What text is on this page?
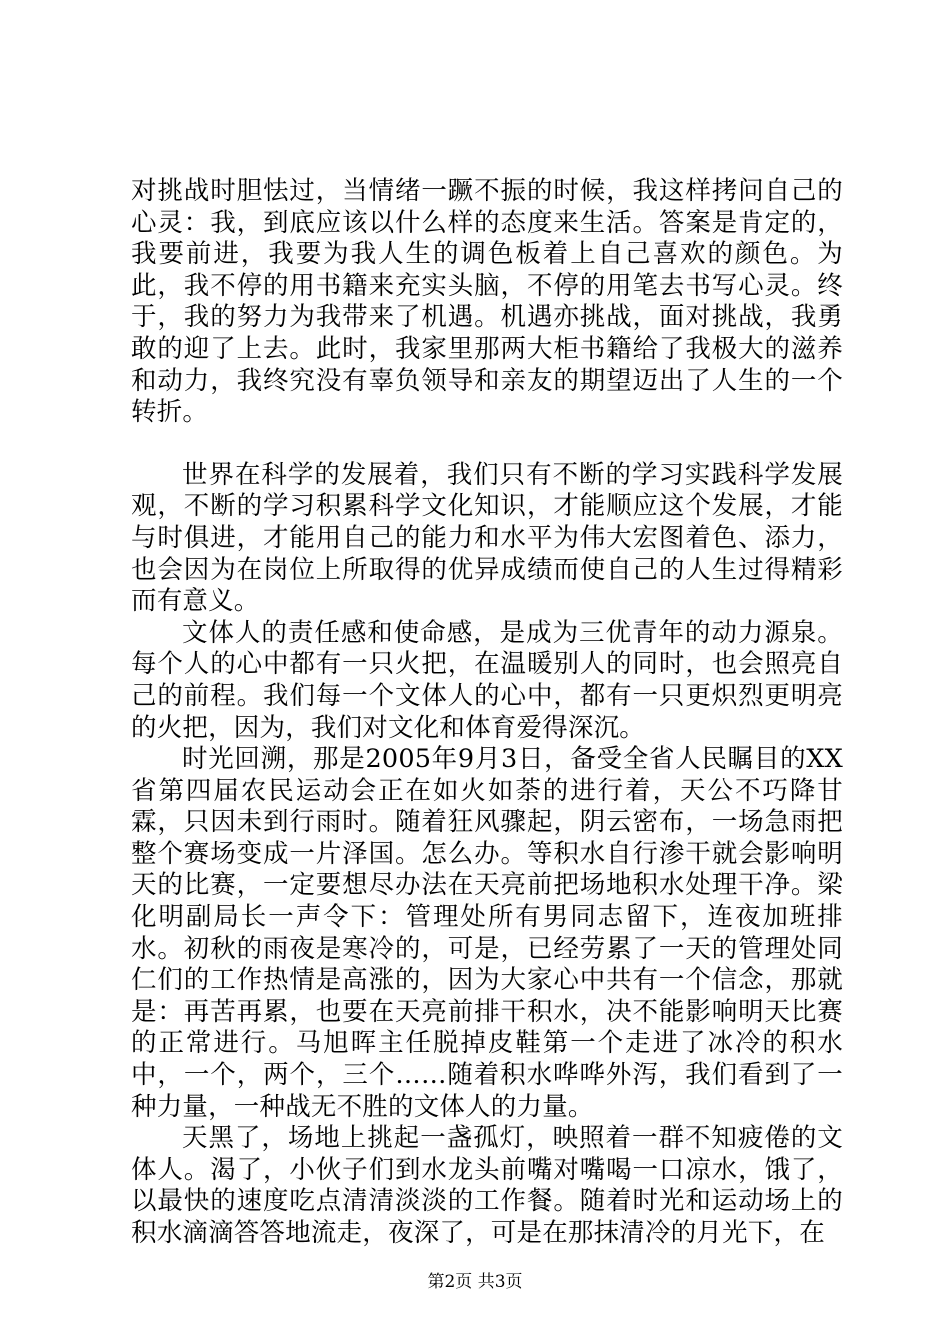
对挑战时胆怯过，当情绪一蹶不振的时候，我这样拷问自己的心灵：我，到底应该以什么样的态度来生活。答案是肯定的，我要前进，我要为我人生的调色板着上自己喜欢的颜色。为此，我不停的用书籍来充实头脑，不停的用笔去书写心灵。终于，我的努力为我带来了机遇。机遇亦挑战，面对挑战，我勇敢的迎了上去。此时，我家里那两大柜书籍给了我极大的滋养和动力，我终究没有辜负领导和亲友的期望迈出了人生的一个转折。

世界在科学的发展着，我们只有不断的学习实践科学发展观，不断的学习积累科学文化知识，才能顺应这个发展，才能与时俱进，才能用自己的能力和水平为伟大宏图着色、添力，也会因为在岗位上所取得的优异成绩而使自己的人生过得精彩而有意义。

文体人的责任感和使命感，是成为三优青年的动力源泉。每个人的心中都有一只火把，在温暖别人的同时，也会照亮自己的前程。我们每一个文体人的心中，都有一只更炽烈更明亮的火把，因为，我们对文化和体育爱得深沉。

时光回溯，那是2005年9月3日，备受全省人民瞩目的XX省第四届农民运动会正在如火如荼的进行着，天公不巧降甘霖，只因未到行雨时。随着狂风骤起，阴云密布，一场急雨把整个赛场变成一片泽国。怎么办。等积水自行渗干就会影响明天的比赛，一定要想尽办法在天亮前把场地积水处理干净。梁化明副局长一声令下：管理处所有男同志留下，连夜加班排水。初秋的雨夜是寒冷的，可是，已经劳累了一天的管理处同仁们的工作热情是高涨的，因为大家心中共有一个信念，那就是：再苦再累，也要在天亮前排干积水，决不能影响明天比赛的正常进行。马旭晖主任脱掉皮鞋第一个走进了冰冷的积水中，一个，两个，三个……随着积水哗哗外泻，我们看到了一种力量，一种战无不胜的文体人的力量。

天黑了，场地上挑起一盏孤灯，映照着一群不知疲倦的文体人。渴了，小伙子们到水龙头前嘴对嘴喝一口凉水，饿了，以最快的速度吃点清清淡淡的工作餐。随着时光和运动场上的积水滴滴答答地流走，夜深了，可是在那抹清冷的月光下，在

第2页 共3页
